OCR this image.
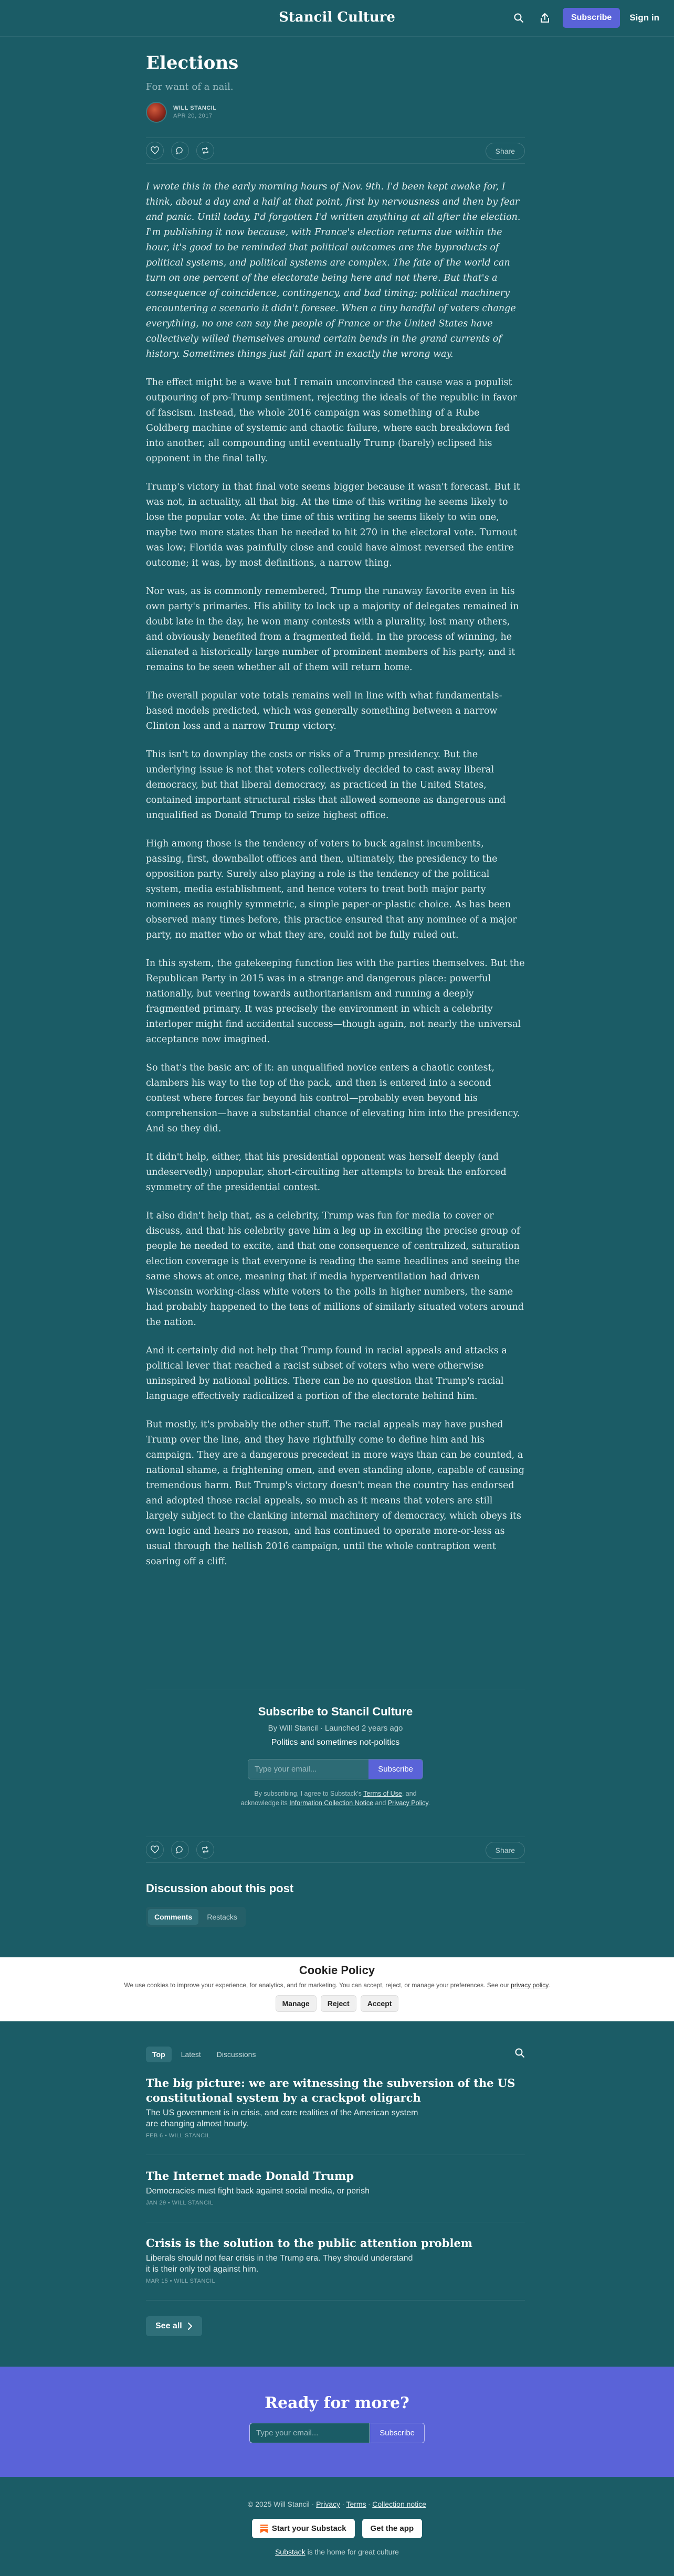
Stancil Culture	Subscribe	Sign in
Elections
For want of a nail.
WILL STANCIL
APR 20, 2017
Share

I wrote this in the early morning hours of Nov. 9th. I'd been kept awake for, I think, about a day and a half at that point, first by nervousness and then by fear and panic. Until today, I'd forgotten I'd written anything at all after the election. I'm publishing it now because, with France's election returns due within the hour, it's good to be reminded that political outcomes are the byproducts of political systems, and political systems are complex. The fate of the world can turn on one percent of the electorate being here and not there. But that's a consequence of coincidence, contingency, and bad timing; political machinery encountering a scenario it didn't foresee. When a tiny handful of voters change everything, no one can say the people of France or the United States have collectively willed themselves around certain bends in the grand currents of history. Sometimes things just fall apart in exactly the wrong way.

The effect might be a wave but I remain unconvinced the cause was a populist outpouring of pro-Trump sentiment, rejecting the ideals of the republic in favor of fascism. Instead, the whole 2016 campaign was something of a Rube Goldberg machine of systemic and chaotic failure, where each breakdown fed into another, all compounding until eventually Trump (barely) eclipsed his opponent in the final tally.

Trump's victory in that final vote seems bigger because it wasn't forecast. But it was not, in actuality, all that big. At the time of this writing he seems likely to lose the popular vote. At the time of this writing he seems likely to win one, maybe two more states than he needed to hit 270 in the electoral vote. Turnout was low; Florida was painfully close and could have almost reversed the entire outcome; it was, by most definitions, a narrow thing.

Nor was, as is commonly remembered, Trump the runaway favorite even in his own party's primaries. His ability to lock up a majority of delegates remained in doubt late in the day, he won many contests with a plurality, lost many others, and obviously benefited from a fragmented field. In the process of winning, he alienated a historically large number of prominent members of his party, and it remains to be seen whether all of them will return home.

The overall popular vote totals remains well in line with what fundamentals-based models predicted, which was generally something between a narrow Clinton loss and a narrow Trump victory.

This isn't to downplay the costs or risks of a Trump presidency. But the underlying issue is not that voters collectively decided to cast away liberal democracy, but that liberal democracy, as practiced in the United States, contained important structural risks that allowed someone as dangerous and unqualified as Donald Trump to seize highest office.

High among those is the tendency of voters to buck against incumbents, passing, first, downballot offices and then, ultimately, the presidency to the opposition party. Surely also playing a role is the tendency of the political system, media establishment, and hence voters to treat both major party nominees as roughly symmetric, a simple paper-or-plastic choice. As has been observed many times before, this practice ensured that any nominee of a major party, no matter who or what they are, could not be fully ruled out.

In this system, the gatekeeping function lies with the parties themselves. But the Republican Party in 2015 was in a strange and dangerous place: powerful nationally, but veering towards authoritarianism and running a deeply fragmented primary. It was precisely the environment in which a celebrity interloper might find accidental success—though again, not nearly the universal acceptance now imagined.

So that's the basic arc of it: an unqualified novice enters a chaotic contest, clambers his way to the top of the pack, and then is entered into a second contest where forces far beyond his control—probably even beyond his comprehension—have a substantial chance of elevating him into the presidency. And so they did.

It didn't help, either, that his presidential opponent was herself deeply (and undeservedly) unpopular, short-circuiting her attempts to break the enforced symmetry of the presidential contest.

It also didn't help that, as a celebrity, Trump was fun for media to cover or discuss, and that his celebrity gave him a leg up in exciting the precise group of people he needed to excite, and that one consequence of centralized, saturation election coverage is that everyone is reading the same headlines and seeing the same shows at once, meaning that if media hyperventilation had driven Wisconsin working-class white voters to the polls in higher numbers, the same had probably happened to the tens of millions of similarly situated voters around the nation.

And it certainly did not help that Trump found in racial appeals and attacks a political lever that reached a racist subset of voters who were otherwise uninspired by national politics. There can be no question that Trump's racial language effectively radicalized a portion of the electorate behind him.

But mostly, it's probably the other stuff. The racial appeals may have pushed Trump over the line, and they have rightfully come to define him and his campaign. They are a dangerous precedent in more ways than can be counted, a national shame, a frightening omen, and even standing alone, capable of causing tremendous harm. But Trump's victory doesn't mean the country has endorsed and adopted those racial appeals, so much as it means that voters are still largely subject to the clanking internal machinery of democracy, which obeys its own logic and hears no reason, and has continued to operate more-or-less as usual through the hellish 2016 campaign, until the whole contraption went soaring off a cliff.

Subscribe to Stancil Culture
By Will Stancil · Launched 2 years ago
Politics and sometimes not-politics
Type your email...	Subscribe
By subscribing, I agree to Substack's Terms of Use, and acknowledge its Information Collection Notice and Privacy Policy.
Share
Discussion about this post
Comments	Restacks
Cookie Policy
We use cookies to improve your experience, for analytics, and for marketing. You can accept, reject, or manage your preferences. See our privacy policy.
Manage	Reject	Accept
Top	Latest	Discussions
The big picture: we are witnessing the subversion of the US constitutional system by a crackpot oligarch
The US government is in crisis, and core realities of the American system are changing almost hourly.
FEB 6 • WILL STANCIL
The Internet made Donald Trump
Democracies must fight back against social media, or perish
JAN 29 • WILL STANCIL
Crisis is the solution to the public attention problem
Liberals should not fear crisis in the Trump era. They should understand it is their only tool against him.
MAR 15 • WILL STANCIL
See all
Ready for more?
Type your email...	Subscribe
© 2025 Will Stancil · Privacy ∙ Terms ∙ Collection notice
Start your Substack	Get the app
Substack is the home for great culture
